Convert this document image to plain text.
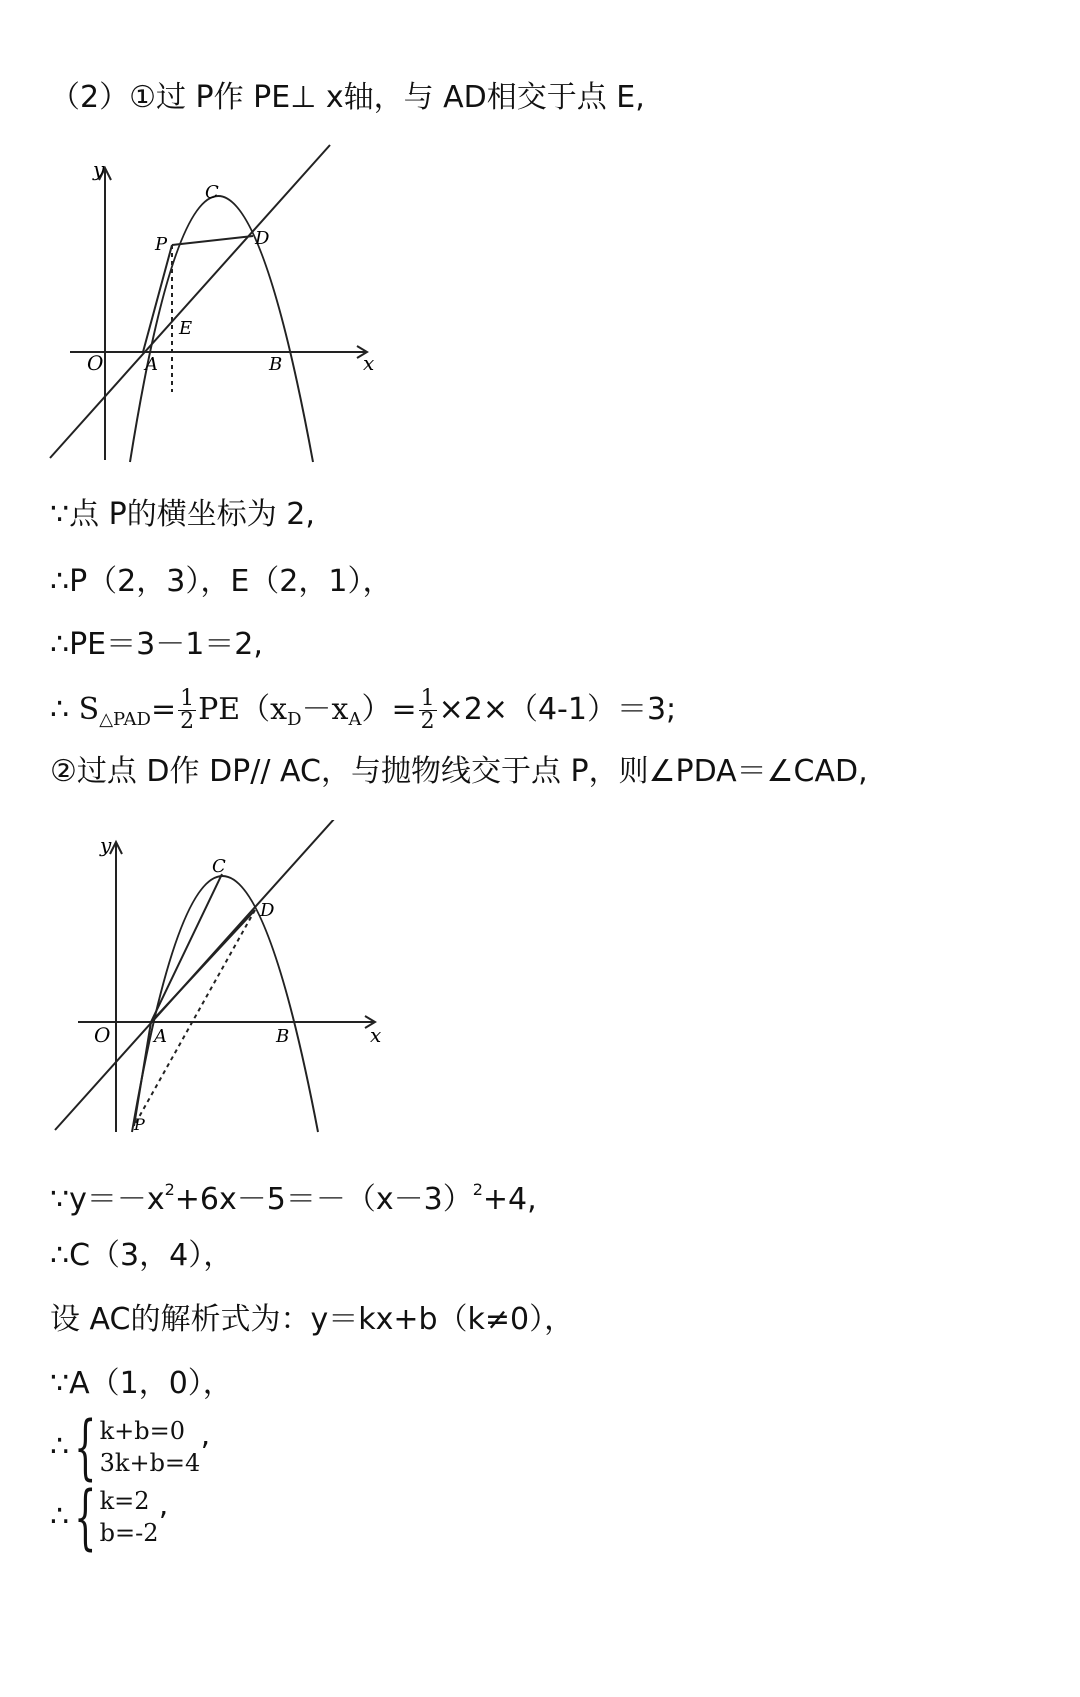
（2）①过 P作 PE⊥ x轴，与 AD相交于点 E,
y
x
O A	B
C
D
P
E
∵点 P的横坐标为 2,
∴P（2，3），E（2，1），
∴PE＝3－1＝2,
∴ $S_{\triangle PAD}= \frac{1}{2} PE(x_D-x_A)= \frac{1}{2} \times 2\times(4-1)=3$;
②过点 D作 DP// AC，与抛物线交于点 P，则∠PDA＝∠CAD,
y
x
O A	B
C
D
P
$\because y=-x^2+6x-5=-(x-3)^2+4$,
∴C（3，4），
设 AC的解析式为：y＝kx+b（k≠0），
∵A（1，0），
∴ { k+b=0
3k+b=4 ’
∴ { k=2
b=-2 ’
